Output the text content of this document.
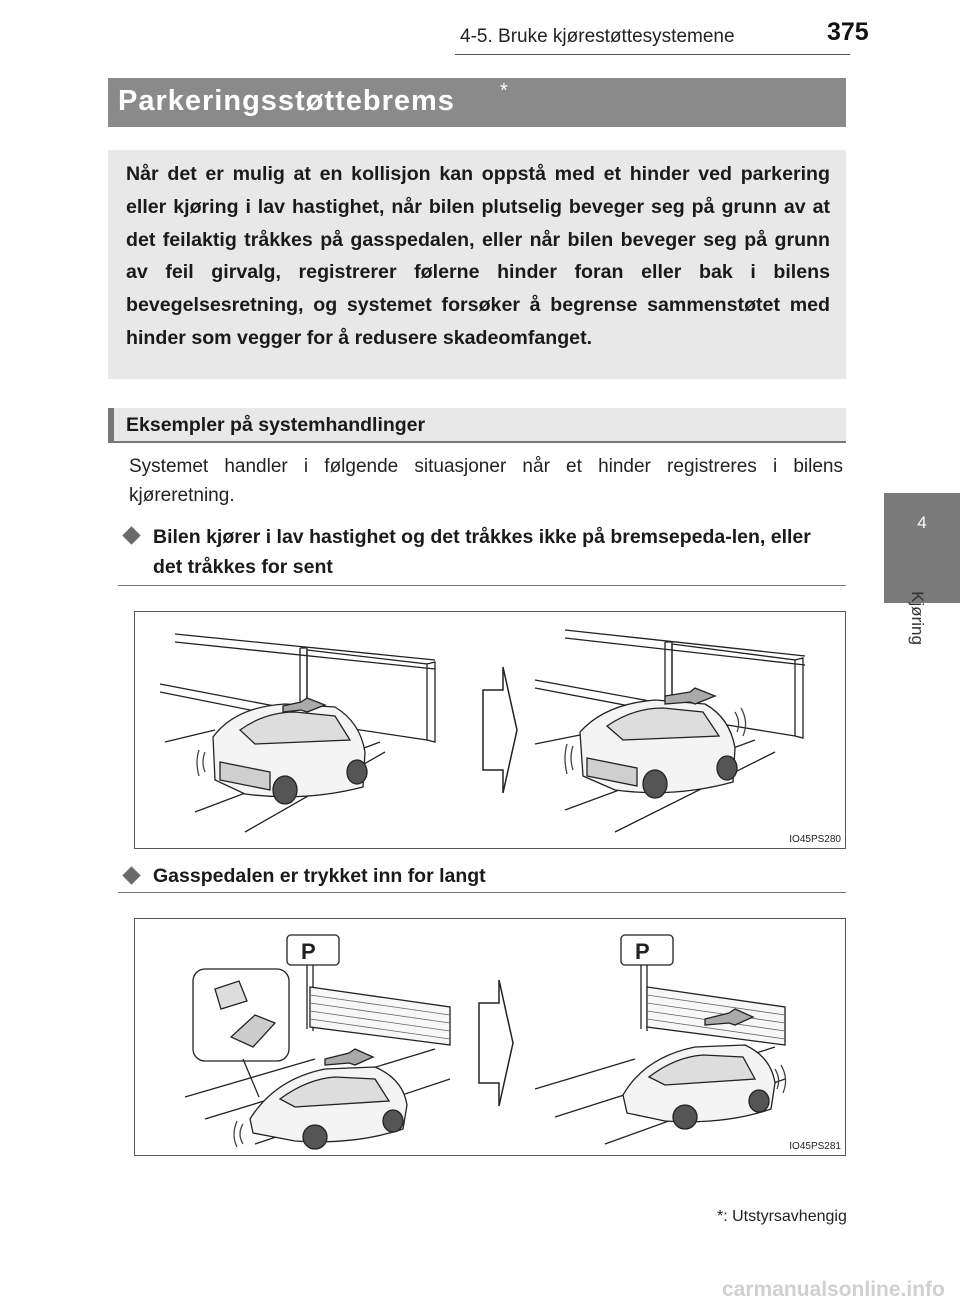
4-5. Bruke kjørestøttesystemene	375
4
Kjøring
Parkeringsstøttebrems *

Når det er mulig at en kollisjon kan oppstå med et hinder ved parkering eller kjøring i lav hastighet, når bilen plutselig beveger seg på grunn av at det feilaktig tråkkes på gasspedalen, eller når bilen beveger seg på grunn av feil girvalg, registrerer følerne hinder foran eller bak i bilens bevegelsesretning, og systemet forsøker å begrense sammenstøtet med hinder som vegger for å redusere skadeomfanget.

Eksempler på systemhandlinger

Systemet handler i følgende situasjoner når et hinder registreres i bilens kjøreretning.

Bilen kjører i lav hastighet og det tråkkes ikke på bremsepeda-len, eller det tråkkes for sent
IO45PS280
Gasspedalen er trykket inn for langt
P	P
IO45PS281
*: Utstyrsavhengig
carmanualsonline.info
